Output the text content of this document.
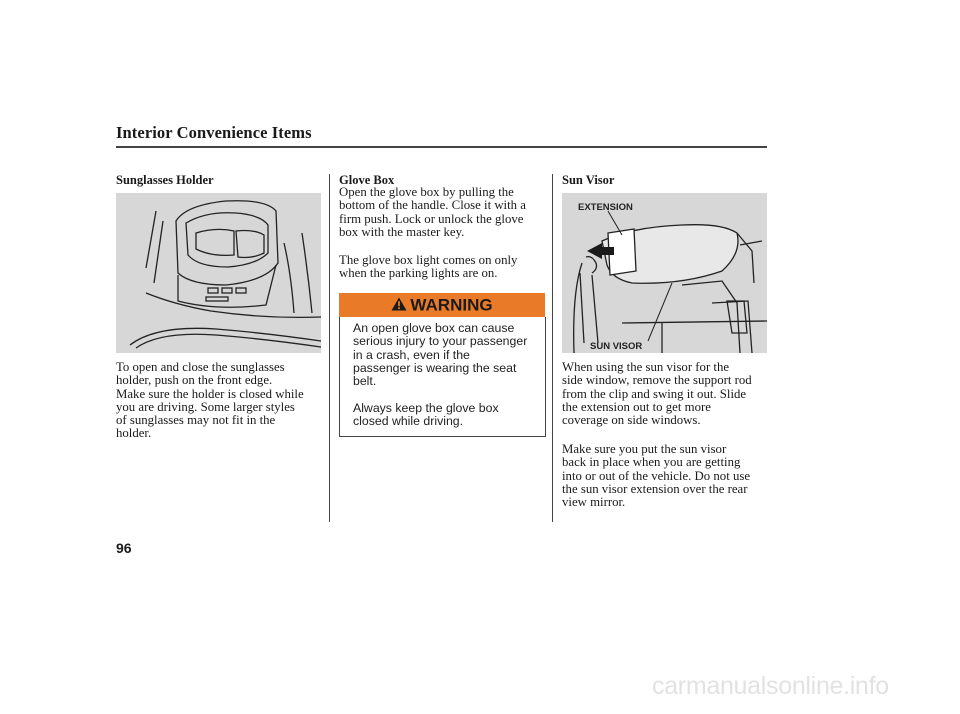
Interior Convenience Items
Sunglasses Holder
To open and close the sunglasses
holder, push on the front edge.
Make sure the holder is closed while
you are driving. Some larger styles
of sunglasses may not fit in the
holder.
Glove Box
Open the glove box by pulling the
bottom of the handle. Close it with a
firm push. Lock or unlock the glove
box with the master key.
The glove box light comes on only
when the parking lights are on.
WARNING
An open glove box can cause
serious injury to your passenger
in a crash, even if the
passenger is wearing the seat
belt.
Always keep the glove box
closed while driving.
Sun Visor
EXTENSION
SUN VISOR
When using the sun visor for the
side window, remove the support rod
from the clip and swing it out. Slide
the extension out to get more
coverage on side windows.
Make sure you put the sun visor
back in place when you are getting
into or out of the vehicle. Do not use
the sun visor extension over the rear
view mirror.
96
carmanualsonline.info
